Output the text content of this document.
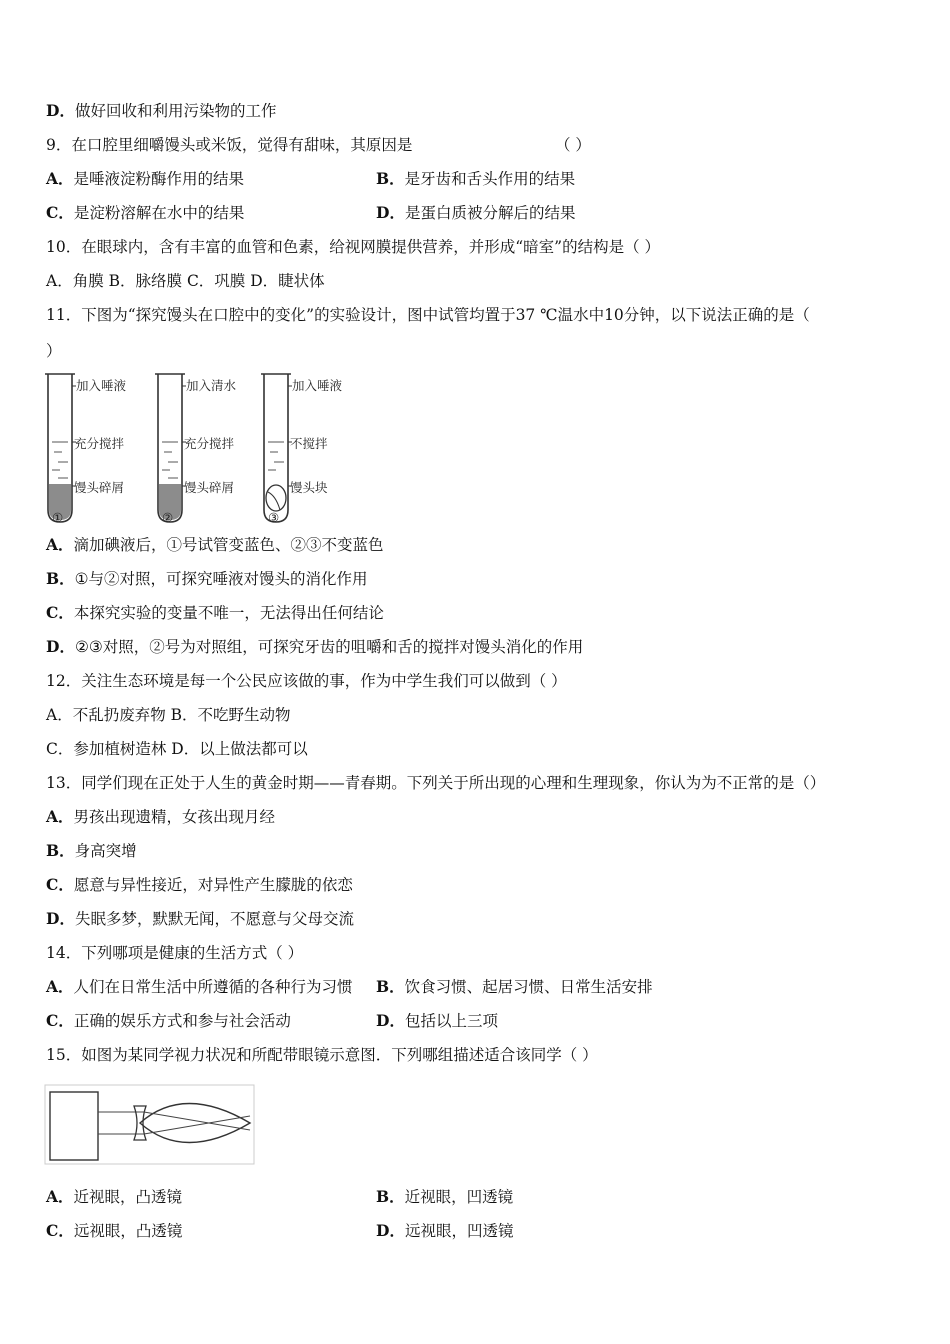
D．做好回收和利用污染物的工作
9．在口腔里细嚼馒头或米饭，觉得有甜味，其原因是	（ ）
A．是唾液淀粉酶作用的结果	B．是牙齿和舌头作用的结果
C．是淀粉溶解在水中的结果	D．是蛋白质被分解后的结果
10．在眼球内，含有丰富的血管和色素，给视网膜提供营养，并形成“暗室”的结构是（ ）
A．角膜 B．脉络膜 C．巩膜 D．睫状体
11．下图为“探究馒头在口腔中的变化”的实验设计，图中试管均置于37 ℃温水中10分钟，以下说法正确的是（
）
加入唾液
充分搅拌
馒头碎屑
①
加入清水
充分搅拌
馒头碎屑
②
加入唾液
不搅拌
馒头块
③
A．滴加碘液后，①号试管变蓝色、②③不变蓝色
B．①与②对照，可探究唾液对馒头的消化作用
C．本探究实验的变量不唯一，无法得出任何结论
D．②③对照，②号为对照组，可探究牙齿的咀嚼和舌的搅拌对馒头消化的作用
12．关注生态环境是每一个公民应该做的事，作为中学生我们可以做到（ ）
A．不乱扔废弃物 B．不吃野生动物
C．参加植树造林 D．以上做法都可以
13．同学们现在正处于人生的黄金时期——青春期。下列关于所出现的心理和生理现象，你认为为不正常的是（）
A．男孩出现遗精，女孩出现月经
B．身高突增
C．愿意与异性接近，对异性产生朦胧的依恋
D．失眠多梦，默默无闻，不愿意与父母交流
14．下列哪项是健康的生活方式（ ）
A．人们在日常生活中所遵循的各种行为习惯 B．饮食习惯、起居习惯、日常生活安排
C．正确的娱乐方式和参与社会活动	D．包括以上三项
15．如图为某同学视力状况和所配带眼镜示意图．下列哪组描述适合该同学（ ）
A．近视眼，凸透镜	B．近视眼，凹透镜
C．远视眼，凸透镜	D．远视眼，凹透镜
